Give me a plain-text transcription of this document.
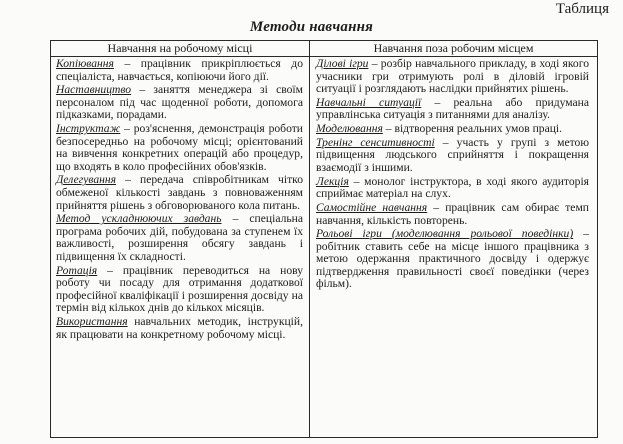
Таблиця
Методи навчання
Навчання на робочому місці	Навчання поза робочим місцем

Копіювання – працівник прикріплюється до спеціаліста, навчається, копіюючи його дії.

Наставництво – заняття менеджера зі своїм персоналом під час щоденної роботи, допомога підказками, порадами.

Інструктаж – роз'яснення, демонстрація роботи безпосередньо на робочому місці; орієнтований на вивчення конкретних операцій або процедур, що входять в коло професійних обов'язків.

Делегування – передача співробітникам чітко обмеженої кількості завдань з повноваженням прийняття рішень з обговорюваного кола питань.

Метод ускладнюючих завдань – спеціальна програма робочих дій, побудована за ступенем їх важливості, розширення обсягу завдань і підвищення їх складності.

Ротація – працівник переводиться на нову роботу чи посаду для отримання додаткової професійної кваліфікації і розширення досвіду на термін від кількох днів до кількох місяців.

Використання навчальних методик, інструкцій, як працювати на конкретному робочому місці.

Ділові ігри – розбір навчального прикладу, в ході якого учасники гри отримують ролі в діловій ігровій ситуації і розглядають наслідки прийнятих рішень.

Навчальні ситуації – реальна або придумана управлінська ситуація з питаннями для аналізу.

Моделювання – відтворення реальних умов праці.

Тренінг сенситивності – участь у групі з метою підвищення людського сприйняття і покращення взаємодії з іншими.

Лекція – монолог інструктора, в ході якого аудиторія сприймає матеріал на слух.

Самостійне навчання – працівник сам обирає темп навчання, кількість повторень.

Рольові ігри (моделювання рольової поведінки) – робітник ставить себе на місце іншого працівника з метою одержання практичного досвіду і одержує підтвердження правильності своєї поведінки (через фільм).
